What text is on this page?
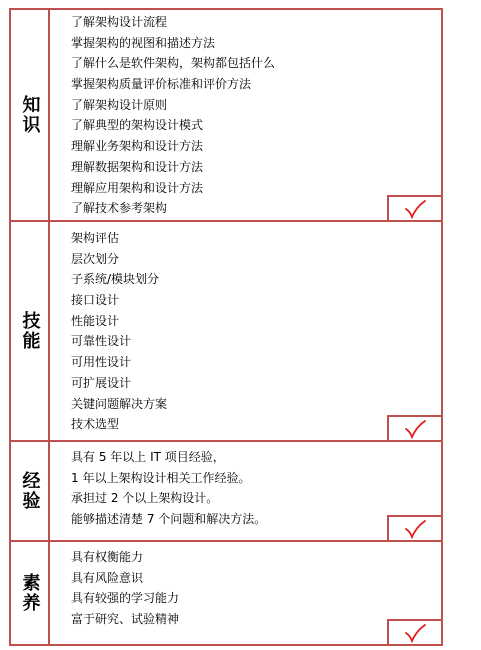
知识
了解架构设计流程
掌握架构的视图和描述方法
了解什么是软件架构，架构都包括什么
掌握架构质量评价标准和评价方法
了解架构设计原则
了解典型的架构设计模式
理解业务架构和设计方法
理解数据架构和设计方法
理解应用架构和设计方法
了解技术参考架构
技能
架构评估
层次划分
子系统/模块划分
接口设计
性能设计
可靠性设计
可用性设计
可扩展设计
关键问题解决方案
技术选型
经验
具有 5 年以上 IT 项目经验，
1 年以上架构设计相关工作经验。
承担过 2 个以上架构设计。
能够描述清楚 7 个问题和解决方法。
素养
具有权衡能力
具有风险意识
具有较强的学习能力
富于研究、试验精神
